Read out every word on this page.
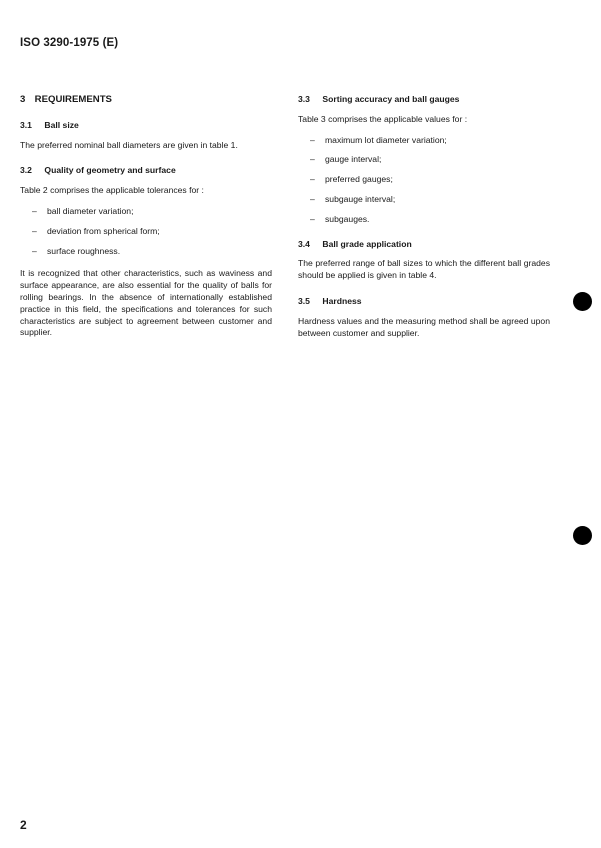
ISO 3290-1975 (E)
3 REQUIREMENTS
3.1 Ball size

The preferred nominal ball diameters are given in table 1.

3.2 Quality of geometry and surface

Table 2 comprises the applicable tolerances for :

– ball diameter variation;
– deviation from spherical form;
– surface roughness.

It is recognized that other characteristics, such as waviness and surface appearance, are also essential for the quality of balls for rolling bearings. In the absence of internationally established practice in this field, the specifications and tolerances for such characteristics are subject to agreement between customer and supplier.

3.3 Sorting accuracy and ball gauges

Table 3 comprises the applicable values for :

– maximum lot diameter variation;
– gauge interval;
– preferred gauges;
– subgauge interval;
– subgauges.
3.4 Ball grade application

The preferred range of ball sizes to which the different ball grades should be applied is given in table 4.

3.5 Hardness

Hardness values and the measuring method shall be agreed upon between customer and supplier.

2
